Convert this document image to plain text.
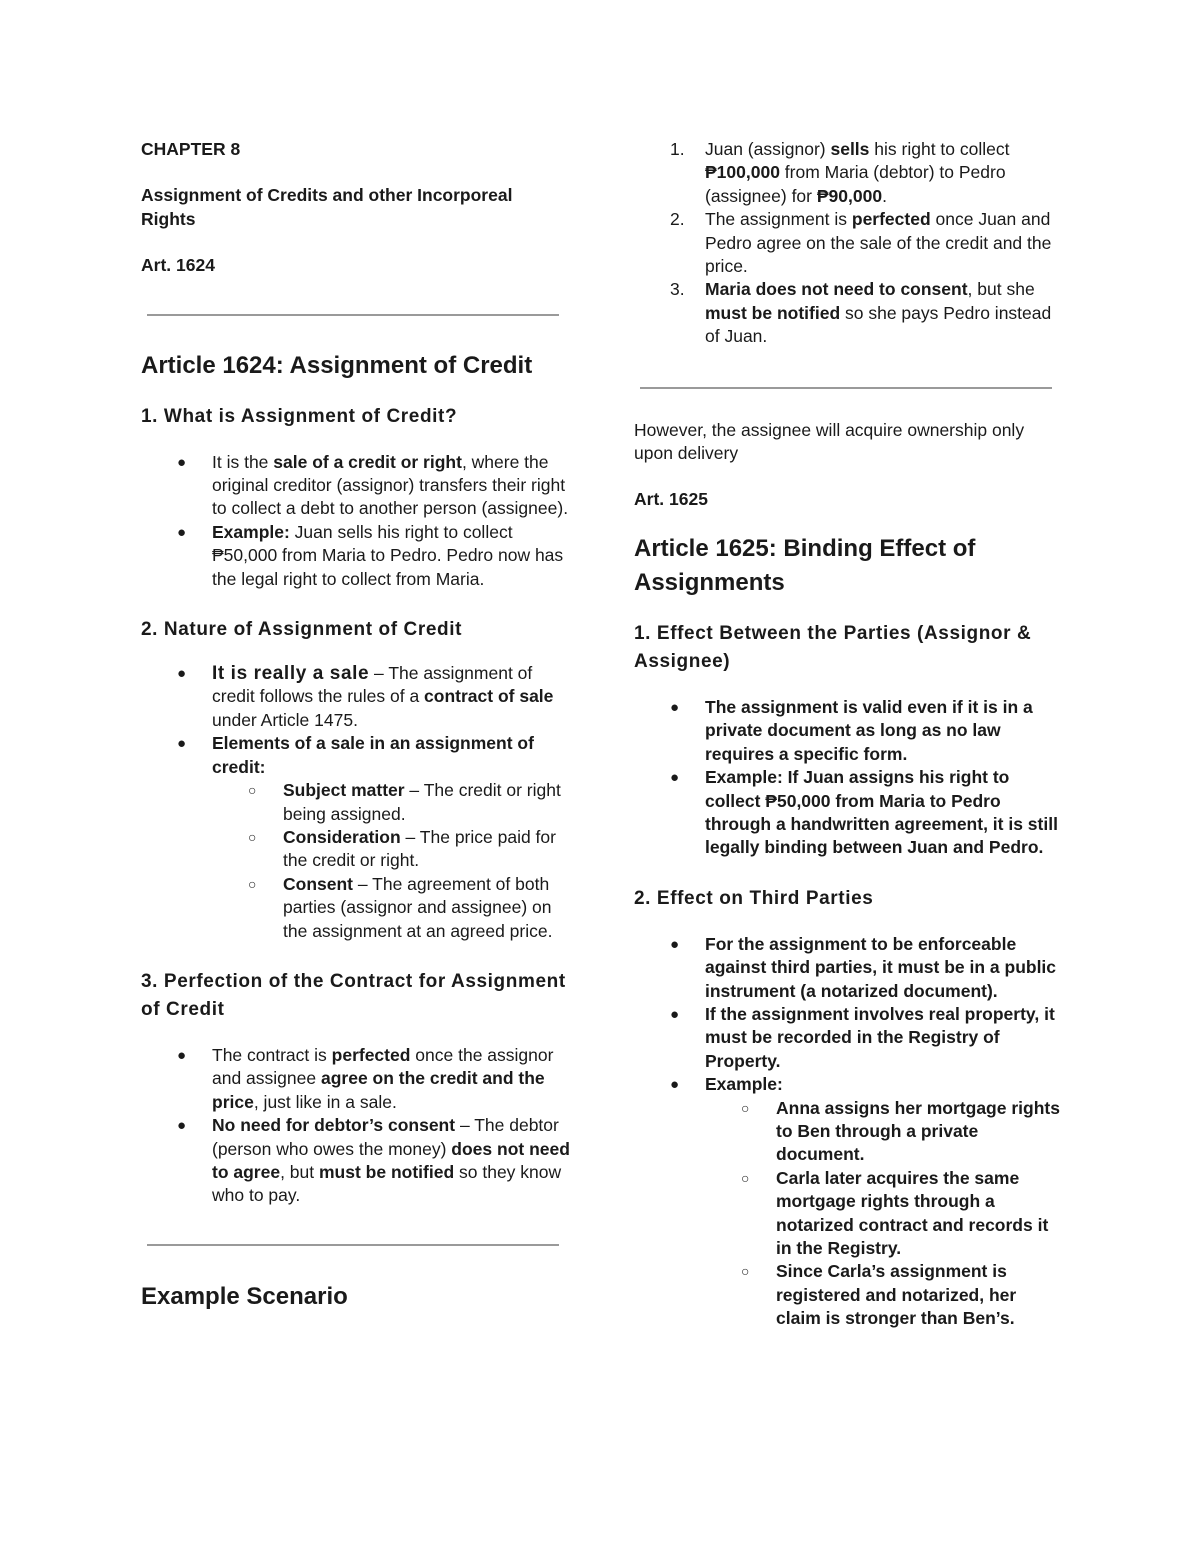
CHAPTER 8

Assignment of Credits and other Incorporeal Rights

Art. 1624

Article 1624: Assignment of Credit

1. What is Assignment of Credit?

● It is the sale of a credit or right, where the original creditor (assignor) transfers their right to collect a debt to another person (assignee).

● Example: Juan sells his right to collect ₱50,000 from Maria to Pedro. Pedro now has the legal right to collect from Maria.

2. Nature of Assignment of Credit

● It is really a sale – The assignment of credit follows the rules of a contract of sale under Article 1475.

● Elements of a sale in an assignment of credit:

○ Subject matter – The credit or right being assigned.

○ Consideration – The price paid for the credit or right.

○ Consent – The agreement of both parties (assignor and assignee) on the assignment at an agreed price.

3. Perfection of the Contract for Assignment of Credit

● The contract is perfected once the assignor and assignee agree on the credit and the price, just like in a sale.

● No need for debtor’s consent – The debtor (person who owes the money) does not need to agree, but must be notified so they know who to pay.

Example Scenario

1. Juan (assignor) sells his right to collect ₱100,000 from Maria (debtor) to Pedro (assignee) for ₱90,000.
2. The assignment is perfected once Juan and Pedro agree on the sale of the credit and the price.
3. Maria does not need to consent, but she must be notified so she pays Pedro instead of Juan.

However, the assignee will acquire ownership only upon delivery

Art. 1625

Article 1625: Binding Effect of Assignments

1. Effect Between the Parties (Assignor & Assignee)

● The assignment is valid even if it is in a private document as long as no law requires a specific form.

● Example: If Juan assigns his right to collect ₱50,000 from Maria to Pedro through a handwritten agreement, it is still legally binding between Juan and Pedro.

2. Effect on Third Parties

● For the assignment to be enforceable against third parties, it must be in a public instrument (a notarized document).

● If the assignment involves real property, it must be recorded in the Registry of Property.

● Example:

○ Anna assigns her mortgage rights to Ben through a private document.

○ Carla later acquires the same mortgage rights through a notarized contract and records it in the Registry.

○ Since Carla’s assignment is registered and notarized, her claim is stronger than Ben’s.
